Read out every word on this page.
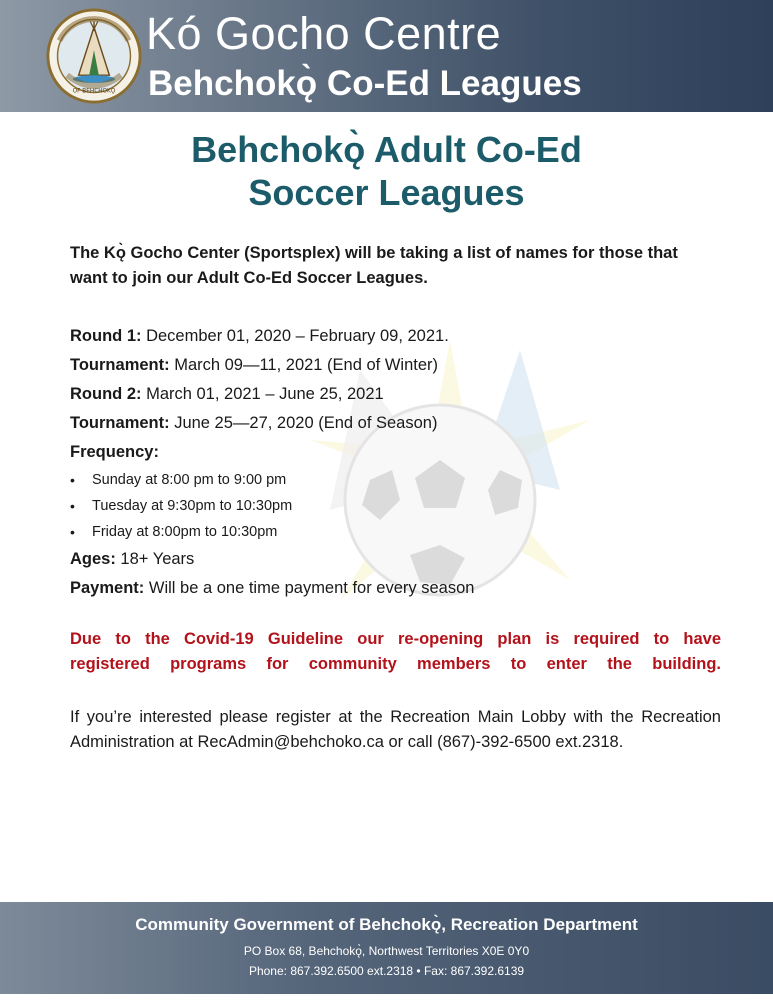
OF BEHCHOKǪ̀
Kó Gocho Centre
Behchokǫ̀ Co-Ed Leagues
Behchokǫ̀ Adult Co-Ed
Soccer Leagues

The Kǫ̀ Gocho Center (Sportsplex) will be taking a list of names for those that
want to join our Adult Co-Ed Soccer Leagues.

Round 1: December 01, 2020 – February 09, 2021.
Tournament: March 09—11, 2021 (End of Winter)
Round 2: March 01, 2021 – June 25, 2021
Tournament: June 25—27, 2020 (End of Season)
Frequency:
• Sunday at 8:00 pm to 9:00 pm
• Tuesday at 9:30pm to 10:30pm
• Friday at 8:00pm to 10:30pm
Ages: 18+ Years
Payment: Will be a one time payment for every season

Due to the Covid-19 Guideline our re-opening plan is required to have
registered programs for community members to enter the building.

If you’re interested please register at the Recreation Main Lobby with the Recreation Administration at RecAdmin@behchoko.ca or call (867)-392-6500 ext.2318.

Community Government of Behchokǫ̀, Recreation Department
PO Box 68, Behchokǫ̀, Northwest Territories X0E 0Y0
Phone: 867.392.6500 ext.2318 • Fax: 867.392.6139
